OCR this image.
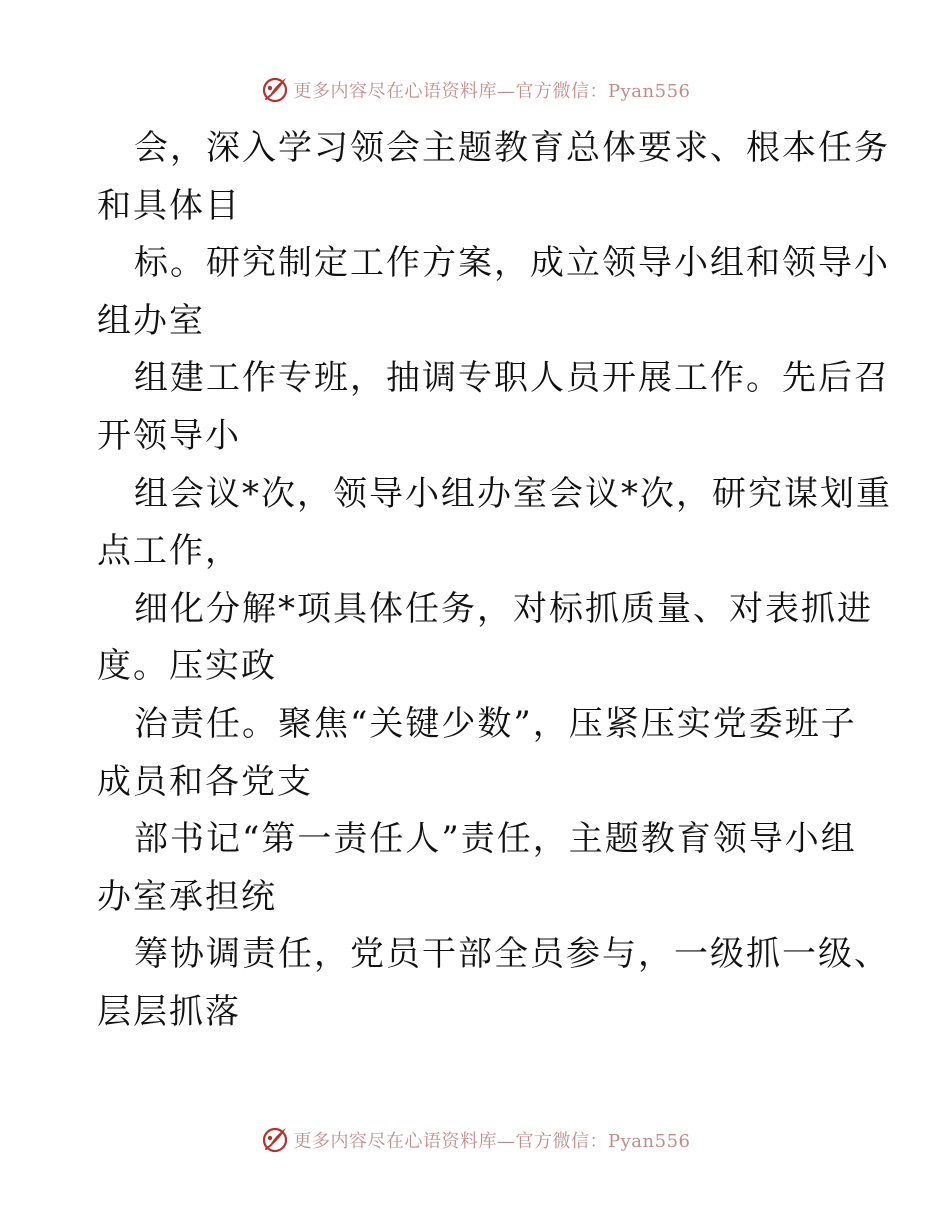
更多内容尽在心语资料库—官方微信：Pyan556
会，深入学习领会主题教育总体要求、根本任务
和具体目
标。研究制定工作方案，成立领导小组和领导小
组办室
组建工作专班，抽调专职人员开展工作。先后召
开领导小
组会议*次，领导小组办室会议*次，研究谋划重
点工作，
细化分解*项具体任务，对标抓质量、对表抓进
度。压实政
治责任。聚焦“关键少数”，压紧压实党委班子
成员和各党支
部书记“第一责任人”责任，主题教育领导小组
办室承担统
筹协调责任，党员干部全员参与，一级抓一级、
层层抓落
更多内容尽在心语资料库—官方微信：Pyan556
